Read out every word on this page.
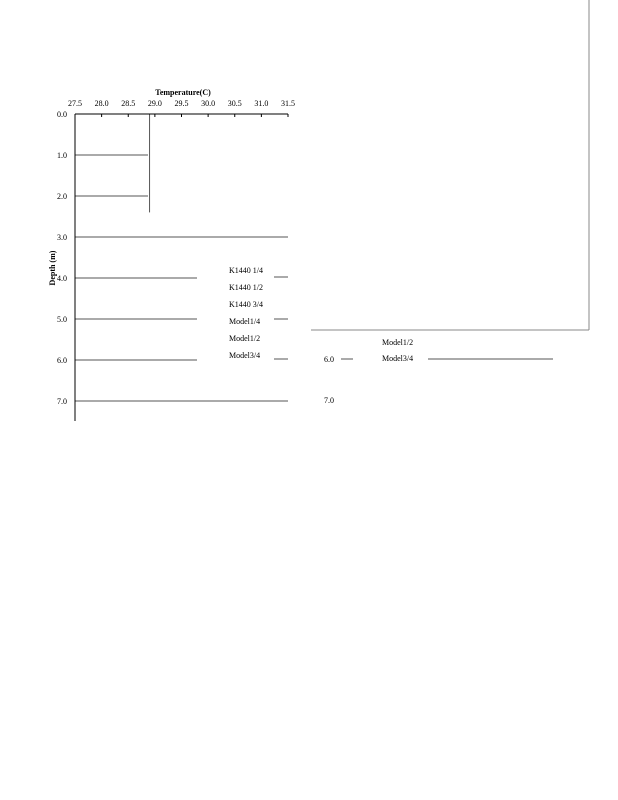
27.5 28.0 28.5 29.0 29.5 30.0 30.5 31.0 31.5
0.0
1.0
2.0
3.0
4.0
5.0
6.0
7.0
Temperature(C)
Depth (m)	K1440 1/4
K1440 1/2
K1440 3/4
Model1/4
Model1/2
Model3/4	6.0
7.0
Model1/2
Model3/4
